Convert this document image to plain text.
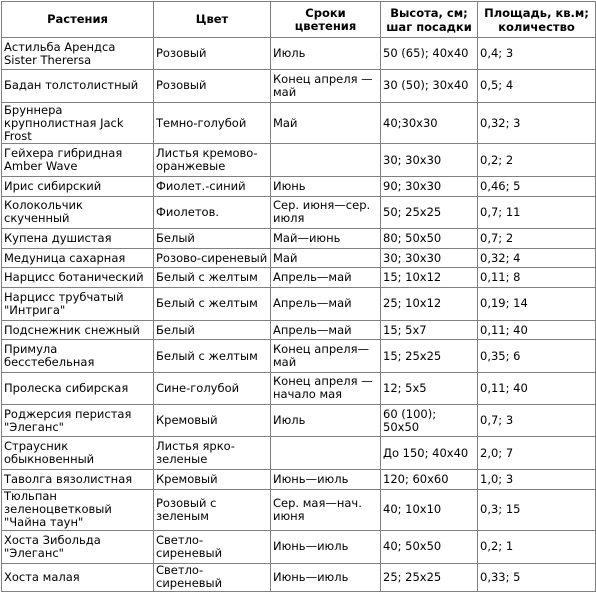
Растения	Цвет	Сроки цветения	Высота, см; шаг посадки	Площадь, кв.м; количество
Астильба Арендса Sister Therersa	Розовый	Июль	50 (65); 40х40	0,4; 3
Бадан толстолистный	Розовый	Конец апреля — май	30 (50); 30х40	0,5; 4
Бруннера крупнолистная Jack Frost	Темно-голубой	Май	40;30х30	0,32; 3
Гейхера гибридная Amber Wave	Листья кремово-оранжевые		30; 30х30	0,2; 2
Ирис сибирский	Фиолет.-синий	Июнь	90; 30х30	0,46; 5
Колокольчик скученный	Фиолетов.	Сер. июня—сер. июля	50; 25х25	0,7; 11
Купена душистая	Белый	Май—июнь	80; 50х50	0,7; 2
Медуница сахарная	Розово-сиреневый	Май	30; 30х30	0,32; 4
Нарцисс ботанический	Белый с желтым	Апрель—май	15; 10х12	0,11; 8
Нарцисс трубчатый "Интрига"	Белый с желтым	Апрель—май	25; 10х12	0,19; 14
Подснежник снежный	Белый	Апрель—май	15; 5х7	0,11; 40
Примула бесстебельная	Белый с желтым	Конец апреля—май	15; 25х25	0,35; 6
Пролеска сибирская	Сине-голубой	Конец апреля —начало мая	12; 5х5	0,11; 40
Роджерсия перистая "Элеганс"	Кремовый	Июль	60 (100); 50х50	0,7; 3
Страусник обыкновенный	Листья ярко-зеленые		До 150; 40х40	2,0; 7
Таволга вязолистная	Кремовый	Июнь—июль	120; 60х60	1,0; 3
Тюльпан зеленоцветковый "Чайна таун"	Розовый с зеленым	Сер. мая—нач. июня	40; 10х10	0,3; 15
Хоста Зибольда "Элеганс"	Светло-сиреневый	Июнь—июль	40; 50х50	0,2; 1
Хоста малая	Светло-сиреневый	Июнь—июль	25; 25х25	0,33; 5
